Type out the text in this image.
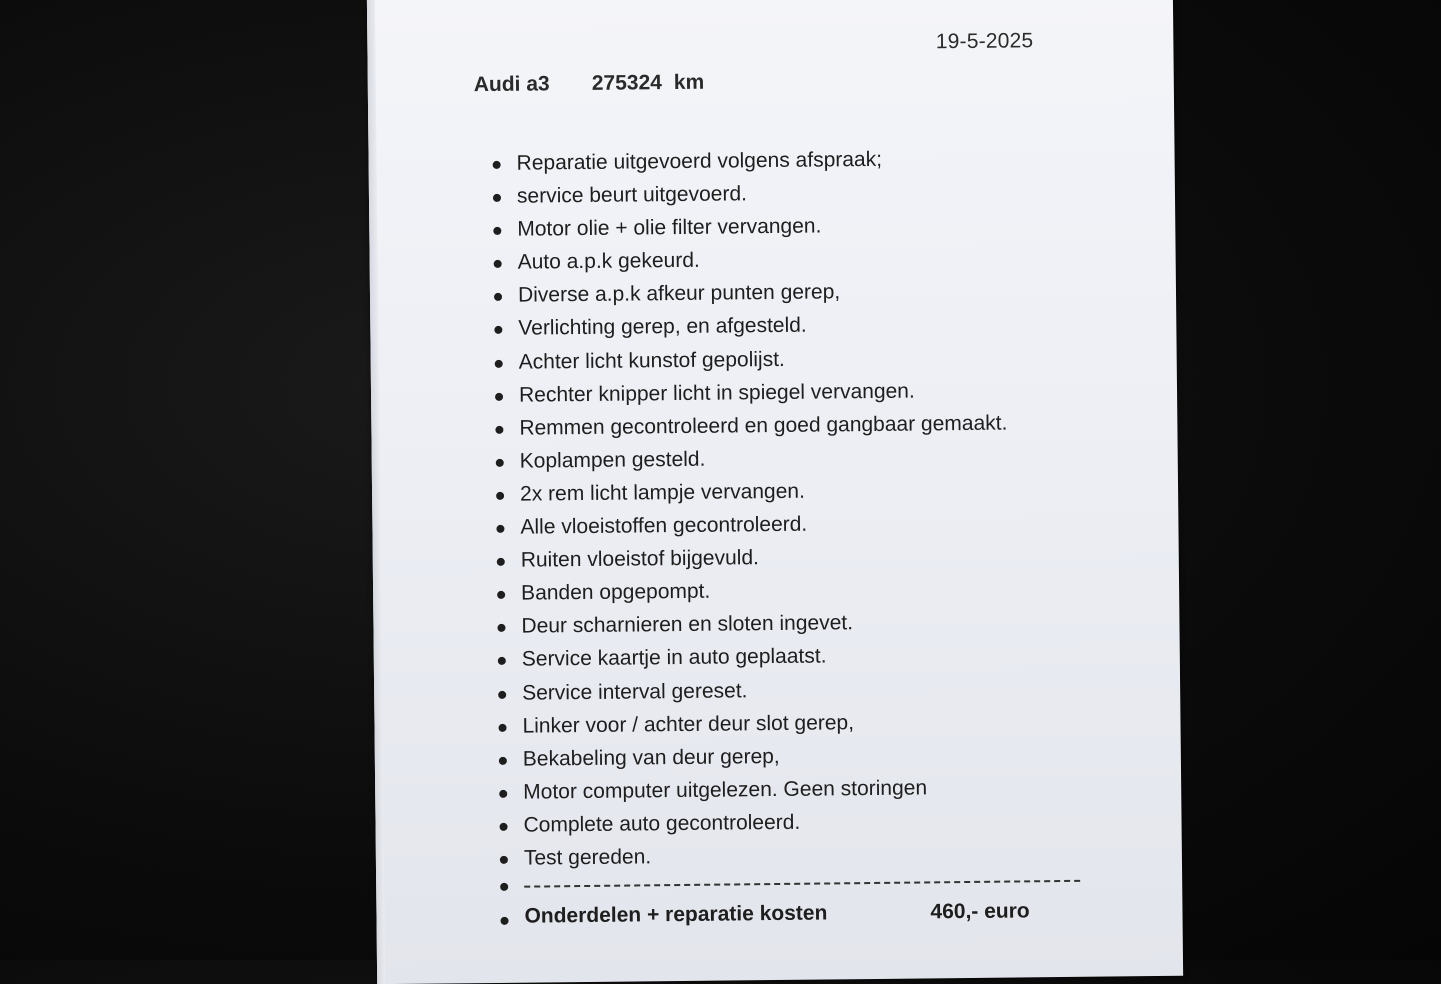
19-5-2025
Audi a3 275324 km
Reparatie uitgevoerd volgens afspraak;
service beurt uitgevoerd.
Motor olie + olie filter vervangen.
Auto a.p.k gekeurd.
Diverse a.p.k afkeur punten gerep,
Verlichting gerep, en afgesteld.
Achter licht kunstof gepolijst.
Rechter knipper licht in spiegel vervangen.
Remmen gecontroleerd en goed gangbaar gemaakt.
Koplampen gesteld.
2x rem licht lampje vervangen.
Alle vloeistoffen gecontroleerd.
Ruiten vloeistof bijgevuld.
Banden opgepompt.
Deur scharnieren en sloten ingevet.
Service kaartje in auto geplaatst.
Service interval gereset.
Linker voor / achter deur slot gerep,
Bekabeling van deur gerep,
Motor computer uitgelezen. Geen storingen
Complete auto gecontroleerd.
Test gereden.
Onderdelen + reparatie kosten	460,- euro
